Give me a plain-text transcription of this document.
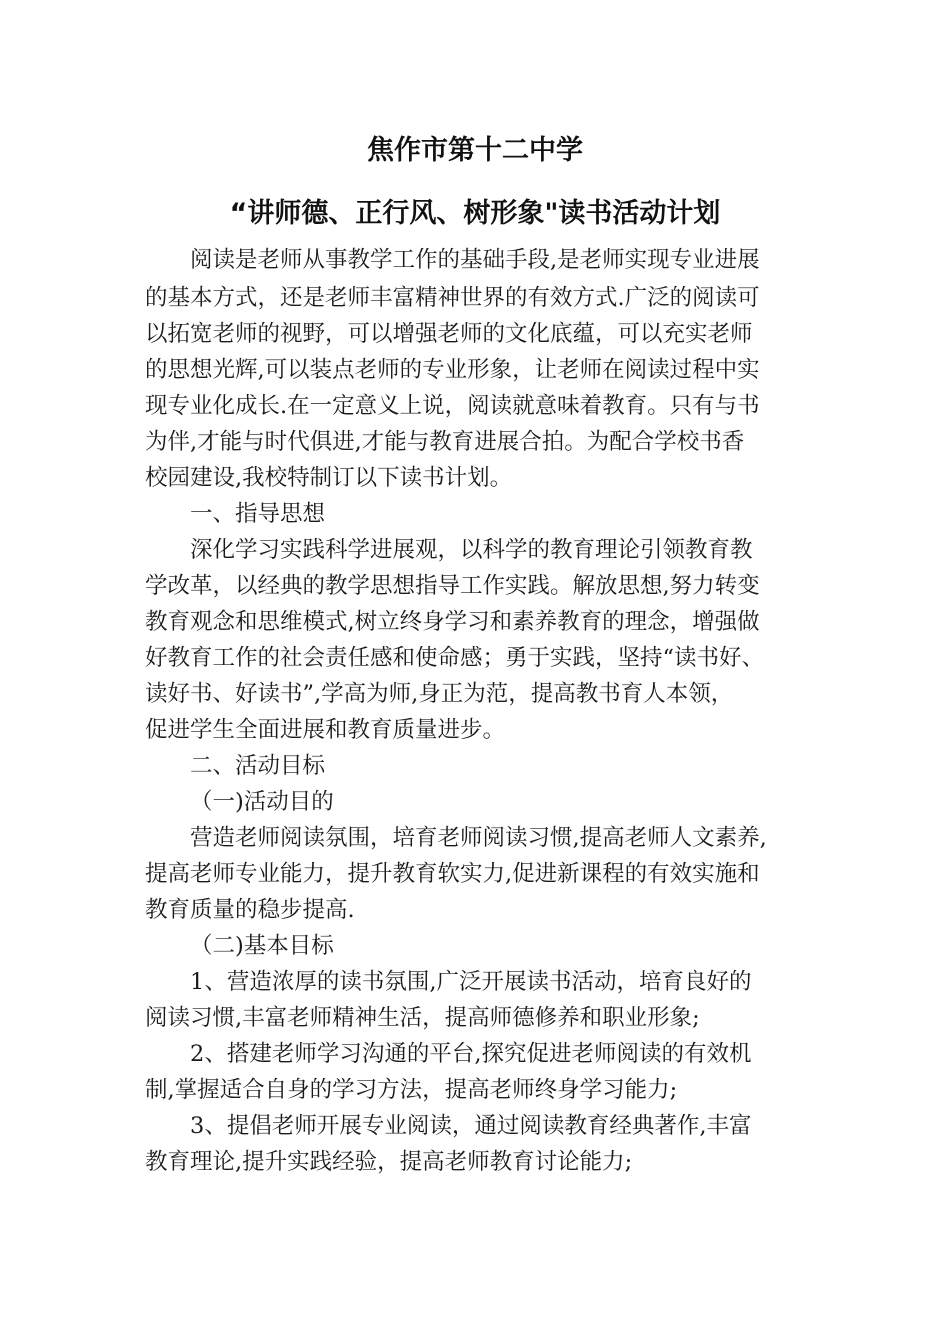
焦作市第十二中学
“讲师德、正行风、树形象"读书活动计划
阅读是老师从事教学工作的基础手段,是老师实现专业进展
的基本方式，还是老师丰富精神世界的有效方式.广泛的阅读可
以拓宽老师的视野，可以增强老师的文化底蕴，可以充实老师
的思想光辉,可以装点老师的专业形象，让老师在阅读过程中实
现专业化成长.在一定意义上说，阅读就意味着教育。只有与书
为伴,才能与时代俱进,才能与教育进展合拍。为配合学校书香
校园建设,我校特制订以下读书计划。
一、指导思想
深化学习实践科学进展观，以科学的教育理论引领教育教
学改革，以经典的教学思想指导工作实践。解放思想,努力转变
教育观念和思维模式,树立终身学习和素养教育的理念，增强做
好教育工作的社会责任感和使命感；勇于实践，坚持“读书好、
读好书、好读书”,学高为师,身正为范，提高教书育人本领，
促进学生全面进展和教育质量进步。
二、活动目标
（一)活动目的
营造老师阅读氛围，培育老师阅读习惯,提高老师人文素养,
提高老师专业能力，提升教育软实力,促进新课程的有效实施和
教育质量的稳步提高.
（二)基本目标
1、营造浓厚的读书氛围,广泛开展读书活动，培育良好的
阅读习惯,丰富老师精神生活，提高师德修养和职业形象;
2、搭建老师学习沟通的平台,探究促进老师阅读的有效机
制,掌握适合自身的学习方法，提高老师终身学习能力;
3、提倡老师开展专业阅读，通过阅读教育经典著作,丰富
教育理论,提升实践经验，提高老师教育讨论能力;
